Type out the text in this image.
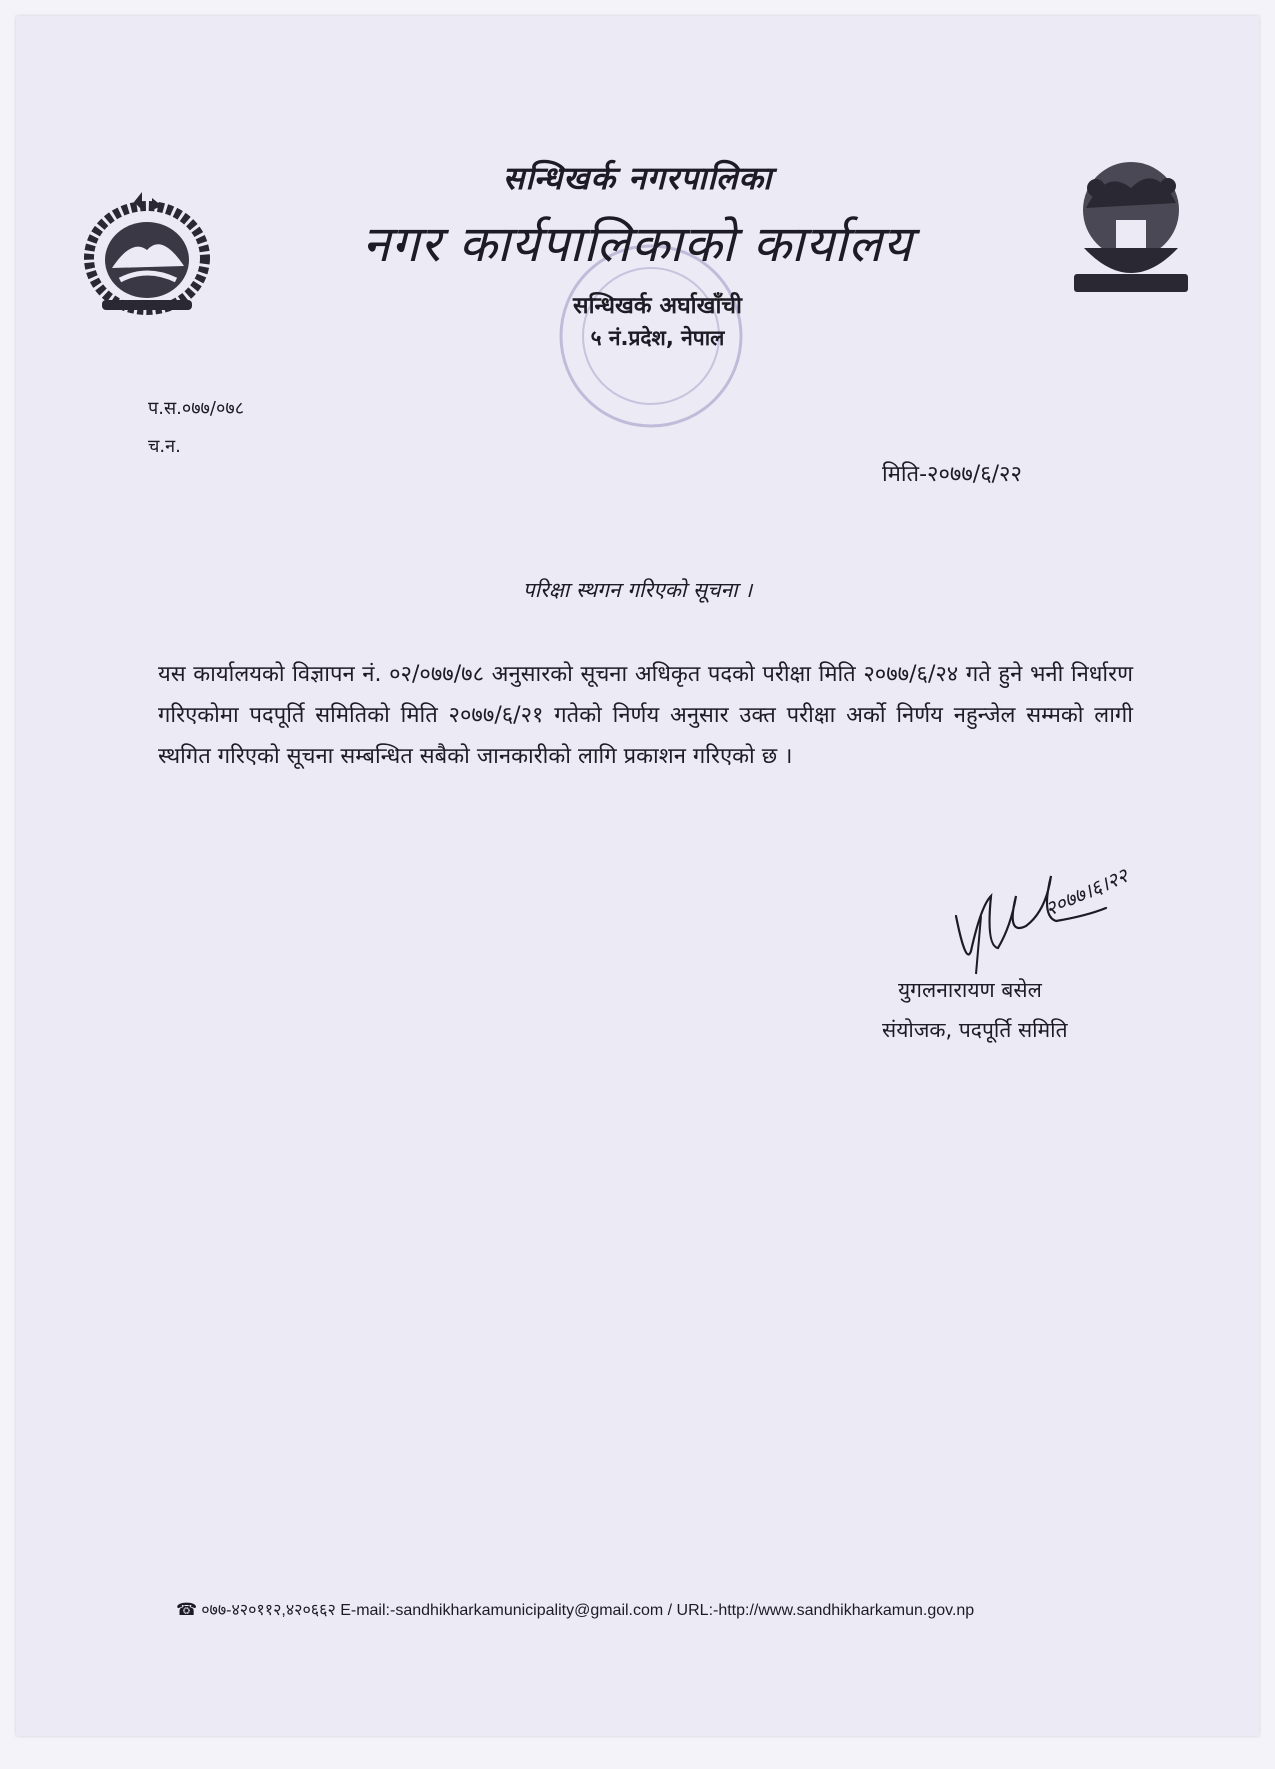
सन्धिखर्क नगरपालिका
नगर कार्यपालिकाको कार्यालय
सन्धिखर्क अर्घाखाँची
५ नं.प्रदेश, नेपाल
प.स.०७७/०७८
च.न.
मिति-२०७७/६/२२
परिक्षा स्थगन गरिएको सूचना ।
यस कार्यालयको विज्ञापन नं. ०२/०७७/७८ अनुसारको सूचना अधिकृत पदको परीक्षा मिति २०७७/६/२४ गते हुने भनी निर्धारण गरिएकोमा पदपूर्ति समितिको मिति २०७७/६/२१ गतेको निर्णय अनुसार उक्त परीक्षा अर्को निर्णय नहुन्जेल सम्मको लागी स्थगित गरिएको सूचना सम्बन्धित सबैको जानकारीको लागि प्रकाशन गरिएको छ ।
२०७७।६।२२
युगलनारायण बसेल
संयोजक, पदपूर्ति समिति
☎ ०७७-४२०११२,४२०६६२ E-mail:-sandhikharkamunicipality@gmail.com / URL:-http://www.sandhikharkamun.gov.np
